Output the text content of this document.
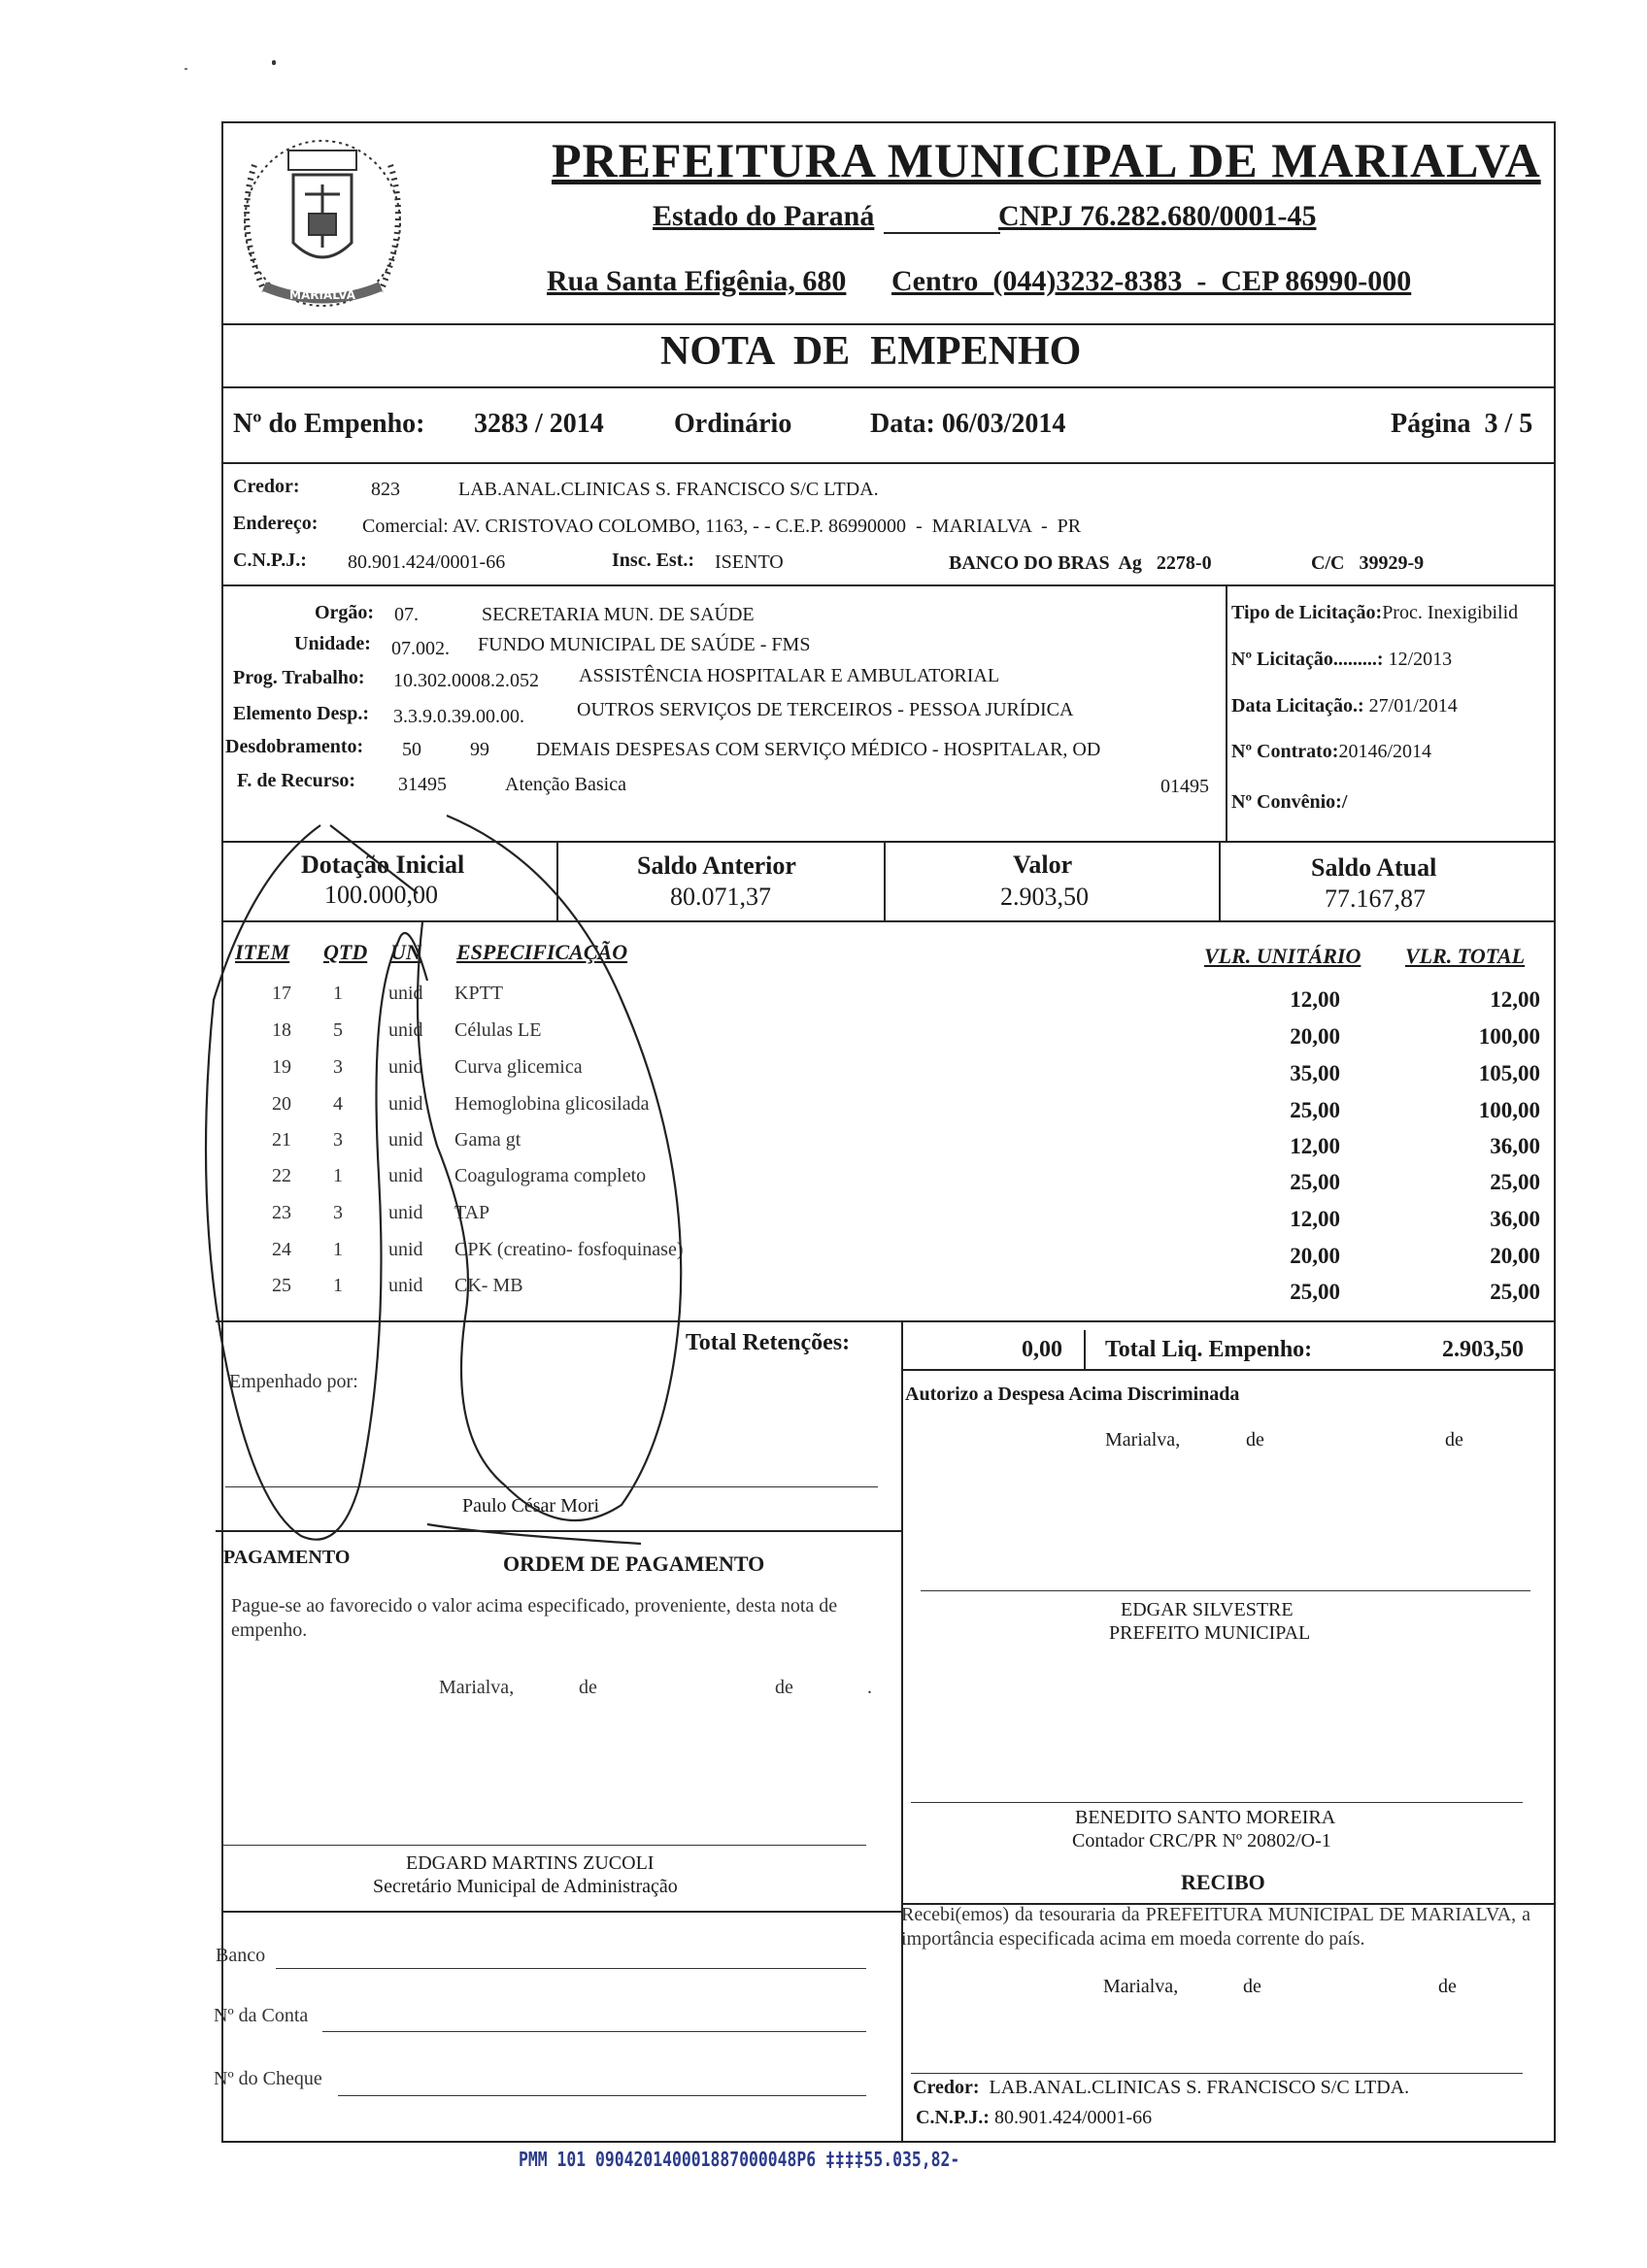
MARIALVA
PREFEITURA MUNICIPAL DE MARIALVA
Estado do Paraná	CNPJ 76.282.680/0001-45
Rua Santa Efigênia, 680 Centro  (044)3232-8383  -  CEP 86990-000
NOTA  DE  EMPENHO
Nº do Empenho: 3283 / 2014	Ordinário	Data: 06/03/2014	Página  3 / 5
Credor:	823	LAB.ANAL.CLINICAS S. FRANCISCO S/C LTDA.
Endereço: Comercial: AV. CRISTOVAO COLOMBO, 1163, - - C.E.P. 86990000  -  MARIALVA  -  PR
C.N.P.J.: 80.901.424/0001-66	Insc. Est.: ISENTO	BANCO DO BRAS  Ag   2278-0	C/C   39929-9
Orgão: 07.	SECRETARIA MUN. DE SAÚDE
Unidade: 07.002. FUNDO MUNICIPAL DE SAÚDE - FMS
Prog. Trabalho: 10.302.0008.2.052 ASSISTÊNCIA HOSPITALAR E AMBULATORIAL
Elemento Desp.: 3.3.9.0.39.00.00.	OUTROS SERVIÇOS DE TERCEIROS - PESSOA JURÍDICA
Desdobramento: 50	99 DEMAIS DESPESAS COM SERVIÇO MÉDICO - HOSPITALAR, OD
F. de Recurso: 31495	Atenção Basica	01495
Tipo de Licitação:Proc. Inexigibilid
Nº Licitação.........: 12/2013
Data Licitação.: 27/01/2014
Nº Contrato:20146/2014
Nº Convênio:/
Dotação Inicial
100.000,00
Saldo Anterior
80.071,37
Valor
2.903,50
Saldo Atual
77.167,87
ITEM QTD UN ESPECIFICAÇÃO	VLR. UNITÁRIO VLR. TOTAL
17 1 unid KPTT	12,00	12,00
18 5 unid Células LE	20,00	100,00
19 3 unid Curva glicemica	35,00	105,00
20 4 unid Hemoglobina glicosilada	25,00	100,00
21 3 unid Gama gt	12,00	36,00
22 1 unid Coagulograma completo	25,00	25,00
23 3 unid TAP	12,00	36,00
24 1 unid CPK (creatino- fosfoquinase)	20,00	20,00
25 1 unid CK- MB	25,00	25,00
Total Retenções:	0,00 Total Liq. Empenho:	2.903,50
Empenhado por:
Paulo César Mori
Autorizo a Despesa Acima Discriminada
Marialva,	de	de
PAGAMENTO	ORDEM DE PAGAMENTO
Pague-se ao favorecido o valor acima especificado, proveniente, desta nota de empenho.
Marialva,	de	de	.
EDGAR SILVESTRE
PREFEITO MUNICIPAL
BENEDITO SANTO MOREIRA
Contador CRC/PR Nº 20802/O-1
EDGARD MARTINS ZUCOLI
Secretário Municipal de Administração	RECIBO
Recebi(emos) da tesouraria da PREFEITURA MUNICIPAL DE MARIALVA, a importância especificada acima em moeda corrente do país.
Marialva,	de	de
Banco
Nº da Conta
Nº do Cheque	Credor: LAB.ANAL.CLINICAS S. FRANCISCO S/C LTDA.
C.N.P.J.: 80.901.424/0001-66
PMM 101 090420140001887000048P6 ‡‡‡‡55.035,82-
